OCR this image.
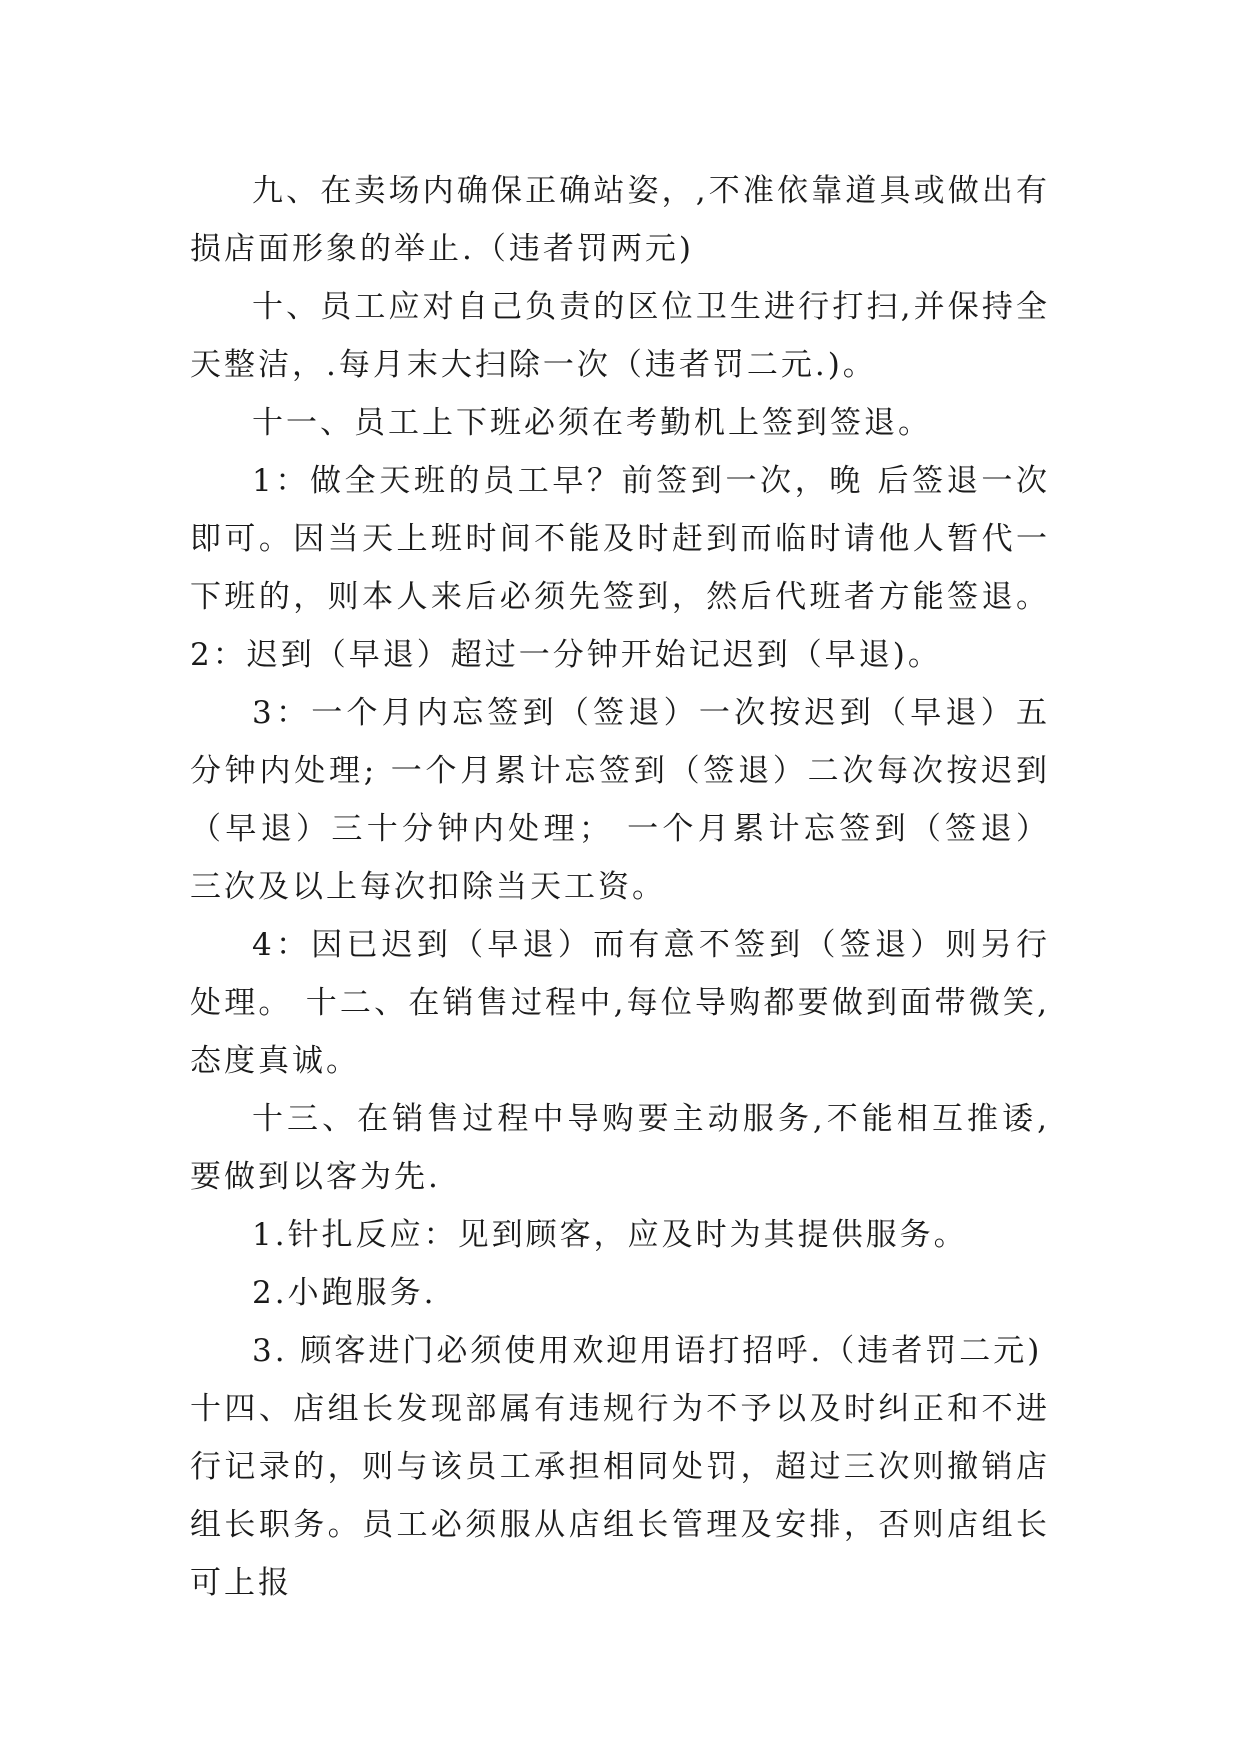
九、在卖场内确保正确站姿，,不准依靠道具或做出有损店面形象的举止.（违者罚两元)

十、员工应对自己负责的区位卫生进行打扫,并保持全天整洁，.每月末大扫除一次（违者罚二元.)。

十一、员工上下班必须在考勤机上签到签退。

1：做全天班的员工早？前签到一次，晚 后签退一次即可。因当天上班时间不能及时赶到而临时请他人暂代一下班的，则本人来后必须先签到，然后代班者方能签退。 2：迟到（早退）超过一分钟开始记迟到（早退)。

3：一个月内忘签到（签退）一次按迟到（早退）五分钟内处理; 一个月累计忘签到（签退）二次每次按迟到（早退）三十分钟内处理； 一个月累计忘签到（签退）三次及以上每次扣除当天工资。

4：因已迟到（早退）而有意不签到（签退）则另行处理。 十二、在销售过程中,每位导购都要做到面带微笑,态度真诚。

十三、在销售过程中导购要主动服务,不能相互推诿,要做到以客为先.

1.针扎反应：见到顾客，应及时为其提供服务。

2.小跑服务.

3. 顾客进门必须使用欢迎用语打招呼.（违者罚二元)

十四、店组长发现部属有违规行为不予以及时纠正和不进行记录的，则与该员工承担相同处罚，超过三次则撤销店组长职务。员工必须服从店组长管理及安排，否则店组长可上报
